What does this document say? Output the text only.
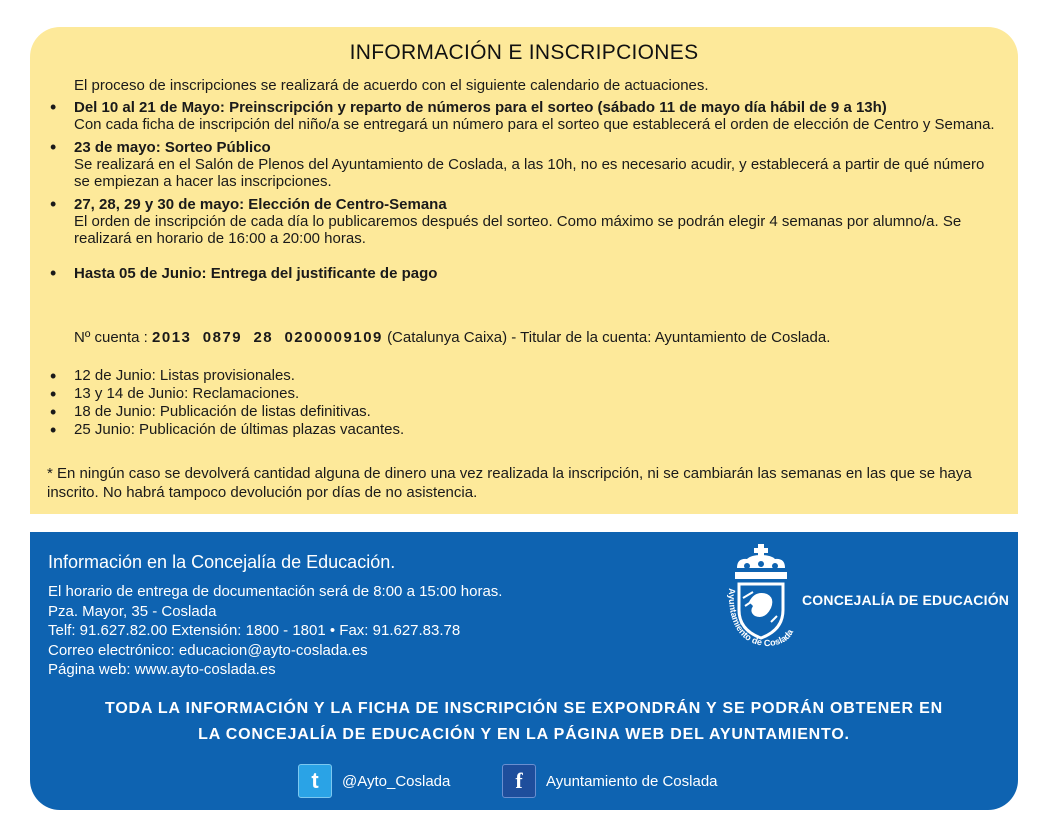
INFORMACIÓN E INSCRIPCIONES
El proceso de inscripciones se realizará de acuerdo con el siguiente calendario de actuaciones.
• Del 10 al 21 de Mayo: Preinscripción y reparto de números para el sorteo (sábado 11 de mayo día hábil de 9 a 13h)
Con cada ficha de inscripción del niño/a se entregará un número para el sorteo que establecerá el orden de elección de Centro y Semana.
• 23 de mayo: Sorteo Público
Se realizará en el Salón de Plenos del Ayuntamiento de Coslada, a las 10h, no es necesario acudir, y establecerá a partir de qué número se empiezan a hacer las inscripciones.
• 27, 28, 29 y 30 de mayo: Elección de Centro-Semana
El orden de inscripción de cada día lo publicaremos después del sorteo. Como máximo se podrán elegir 4 semanas por alumno/a. Se realizará en horario de 16:00 a 20:00 horas.
• Hasta 05 de Junio: Entrega del justificante de pago
Nº cuenta : 2013  0879  28  0200009109 (Catalunya Caixa) - Titular de la cuenta: Ayuntamiento de Coslada.
• 12 de Junio: Listas provisionales.
• 13 y 14 de Junio: Reclamaciones.
• 18 de Junio: Publicación de listas definitivas.
• 25 Junio: Publicación de últimas plazas vacantes.
* En ningún caso se devolverá cantidad alguna de dinero una vez realizada la inscripción, ni se cambiarán las semanas en las que se haya inscrito. No habrá tampoco devolución por días de no asistencia.
Información en la Concejalía de Educación.
El horario de entrega de documentación será de 8:00 a 15:00 horas.
Pza. Mayor, 35 - Coslada
Telf: 91.627.82.00 Extensión: 1800 - 1801 • Fax: 91.627.83.78
Correo electrónico: educacion@ayto-coslada.es
Página web: www.ayto-coslada.es
Ayuntamiento de Coslada
CONCEJALÍA DE EDUCACIÓN
TODA LA INFORMACIÓN Y LA FICHA DE INSCRIPCIÓN SE EXPONDRÁN Y SE PODRÁN OBTENER EN
LA CONCEJALÍA DE EDUCACIÓN Y EN LA PÁGINA WEB DEL AYUNTAMIENTO.
t	@Ayto_Coslada	f	Ayuntamiento de Coslada
